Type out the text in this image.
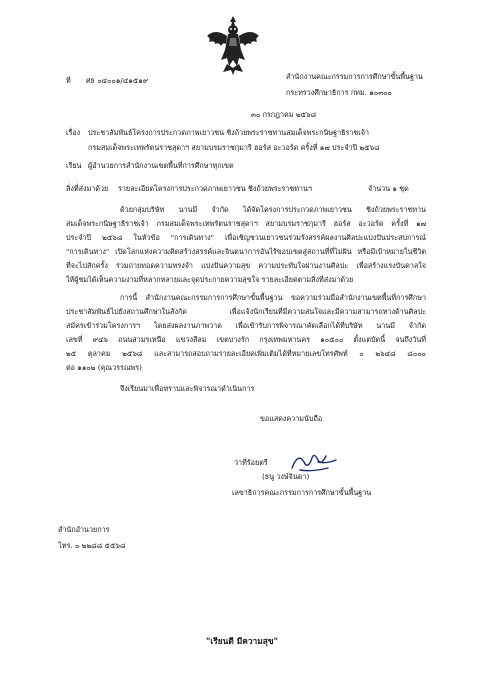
ที่ ศธ ๐๔๐๐๑/๔๑๕๑๙	สำนักงานคณะกรรมการการศึกษาขั้นพื้นฐาน
กระทรวงศึกษาธิการ กทม. ๑๐๓๐๐
๓๐ กรกฎาคม ๒๕๖๘
เรื่อง ประชาสัมพันธ์โครงการประกวดภาพเยาวชน ชิงถ้วยพระราชทานสมเด็จพระกนิษฐาธิราชเจ้า
กรมสมเด็จพระเทพรัตนราชสุดาฯ สยามบรมราชกุมารี ฮอร์ส อะวอร์ด ครั้งที่ ๑๗ ประจำปี ๒๕๖๘
เรียน ผู้อำนวยการสำนักงานเขตพื้นที่การศึกษาทุกเขต
สิ่งที่ส่งมาด้วย รายละเอียดโครงการประกวดภาพเยาวชน ชิงถ้วยพระราชทานฯ	จำนวน ๑ ชุด
ด้วยกลุ่มบริษัท นานมี จำกัด ได้จัดโครงการประกวดภาพเยาวชน ชิงถ้วยพระราชทาน
สมเด็จพระกนิษฐาธิราชเจ้า กรมสมเด็จพระเทพรัตนราชสุดาฯ สยามบรมราชกุมารี ฮอร์ส อะวอร์ด ครั้งที่ ๑๗
ประจำปี ๒๕๖๘ ในหัวข้อ "การเดินทาง" เพื่อเชิญชวนเยาวชนร่วมรังสรรค์ผลงานศิลปะแบ่งปันประสบการณ์
"การเดินทาง" เปิดโลกแห่งความคิดสร้างสรรค์และจินตนาการอันไร้ขอบเขตสู่สถานที่ที่ไม่ฝัน หรือมีเป้าหมายในชีวิต
ที่จะไปสักครั้ง ร่วมถ่ายทอดความทรงจำ แบ่งปันความสุข ความประทับใจผ่านงานศิลปะ เพื่อสร้างแรงบันดาลใจ
ให้ผู้ชมได้เห็นความงามที่หลากหลายและจุดประกายความสุขใจ รายละเอียดตามสิ่งที่ส่งมาด้วย
การนี้ สำนักงานคณะกรรมการการศึกษาขั้นพื้นฐาน ขอความร่วมมือสำนักงานเขตพื้นที่การศึกษา
ประชาสัมพันธ์ไปยังสถานศึกษาในสังกัด เพื่อแจ้งนักเรียนที่มีความสนใจและมีความสามารถทางด้านศิลปะ
สมัครเข้าร่วมโครงการฯ โดยส่งผลงานภาพวาด เพื่อเข้ารับการพิจารณาคัดเลือกได้ที่บริษัท นานมี จำกัด
เลขที่ ๙๔๖ ถนนสามรเหนือ แขวงสีลม เขตบางรัก กรุงเทพมหานคร ๑๐๕๐๐ ตั้งแต่บัดนี้ จนถึงวันที่
๒๕ ตุลาคม ๒๕๖๘ และสามารถสอบถามรายละเอียดเพิ่มเติมได้ที่หมายเลขโทรศัพท์ ๐ ๒๖๔๘ ๘๐๐๐
ต่อ ๑๑๐๒ (คุณวรรณพร)
จึงเรียนมาเพื่อทราบและพิจารณาดำเนินการ
ขอแสดงความนับถือ
ว่าที่ร้อยตรี
(ธนู วงษ์จินดา)
เลขาธิการคณะกรรมการการศึกษาขั้นพื้นฐาน
สำนักอำนวยการ
โทร. ๐ ๒๒๘๘ ๕๕๖๘
"เรียนดี มีความสุข"
